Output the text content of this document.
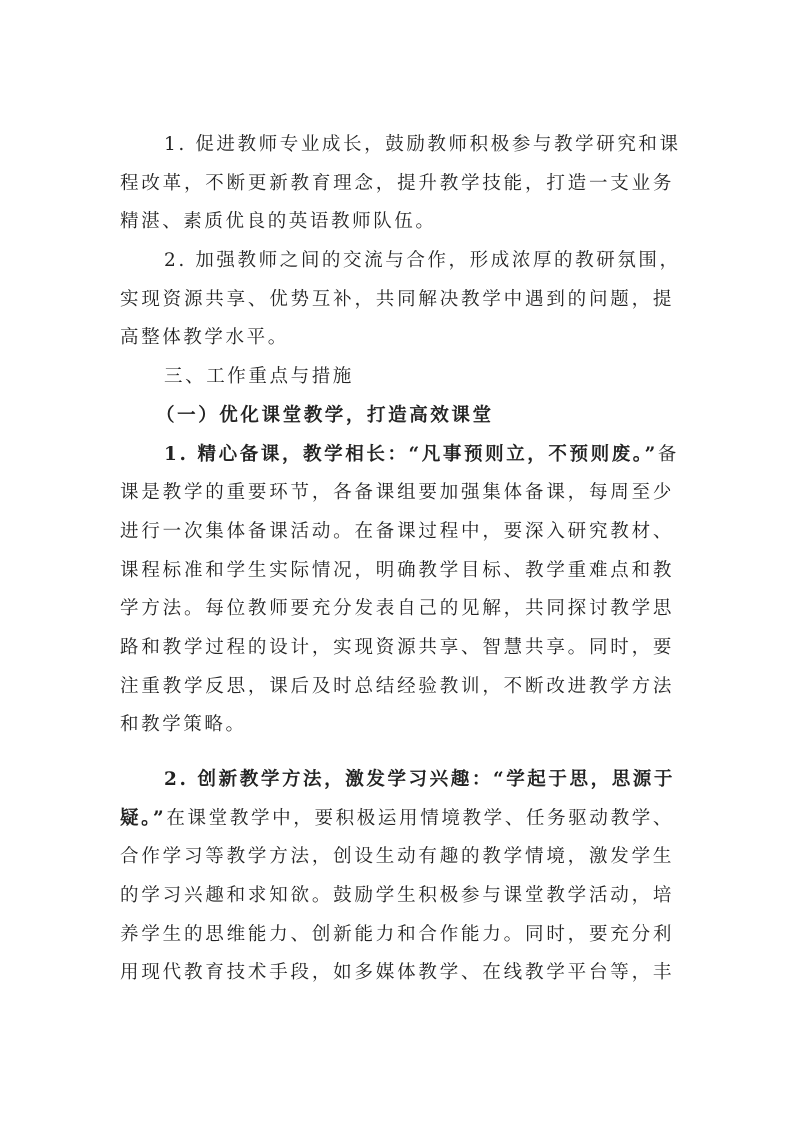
1. 促进教师专业成长，鼓励教师积极参与教学研究和课
程改革，不断更新教育理念，提升教学技能，打造一支业务
精湛、素质优良的英语教师队伍。
2. 加强教师之间的交流与合作，形成浓厚的教研氛围，
实现资源共享、优势互补，共同解决教学中遇到的问题，提
高整体教学水平。
三、工作重点与措施
（一）优化课堂教学，打造高效课堂
1. 精心备课，教学相长：“凡事预则立，不预则废。”备
课是教学的重要环节，各备课组要加强集体备课，每周至少
进行一次集体备课活动。在备课过程中，要深入研究教材、
课程标准和学生实际情况，明确教学目标、教学重难点和教
学方法。每位教师要充分发表自己的见解，共同探讨教学思
路和教学过程的设计，实现资源共享、智慧共享。同时，要
注重教学反思，课后及时总结经验教训，不断改进教学方法
和教学策略。
2. 创新教学方法，激发学习兴趣：“学起于思，思源于
疑。”在课堂教学中，要积极运用情境教学、任务驱动教学、
合作学习等教学方法，创设生动有趣的教学情境，激发学生
的学习兴趣和求知欲。鼓励学生积极参与课堂教学活动，培
养学生的思维能力、创新能力和合作能力。同时，要充分利
用现代教育技术手段，如多媒体教学、在线教学平台等，丰
